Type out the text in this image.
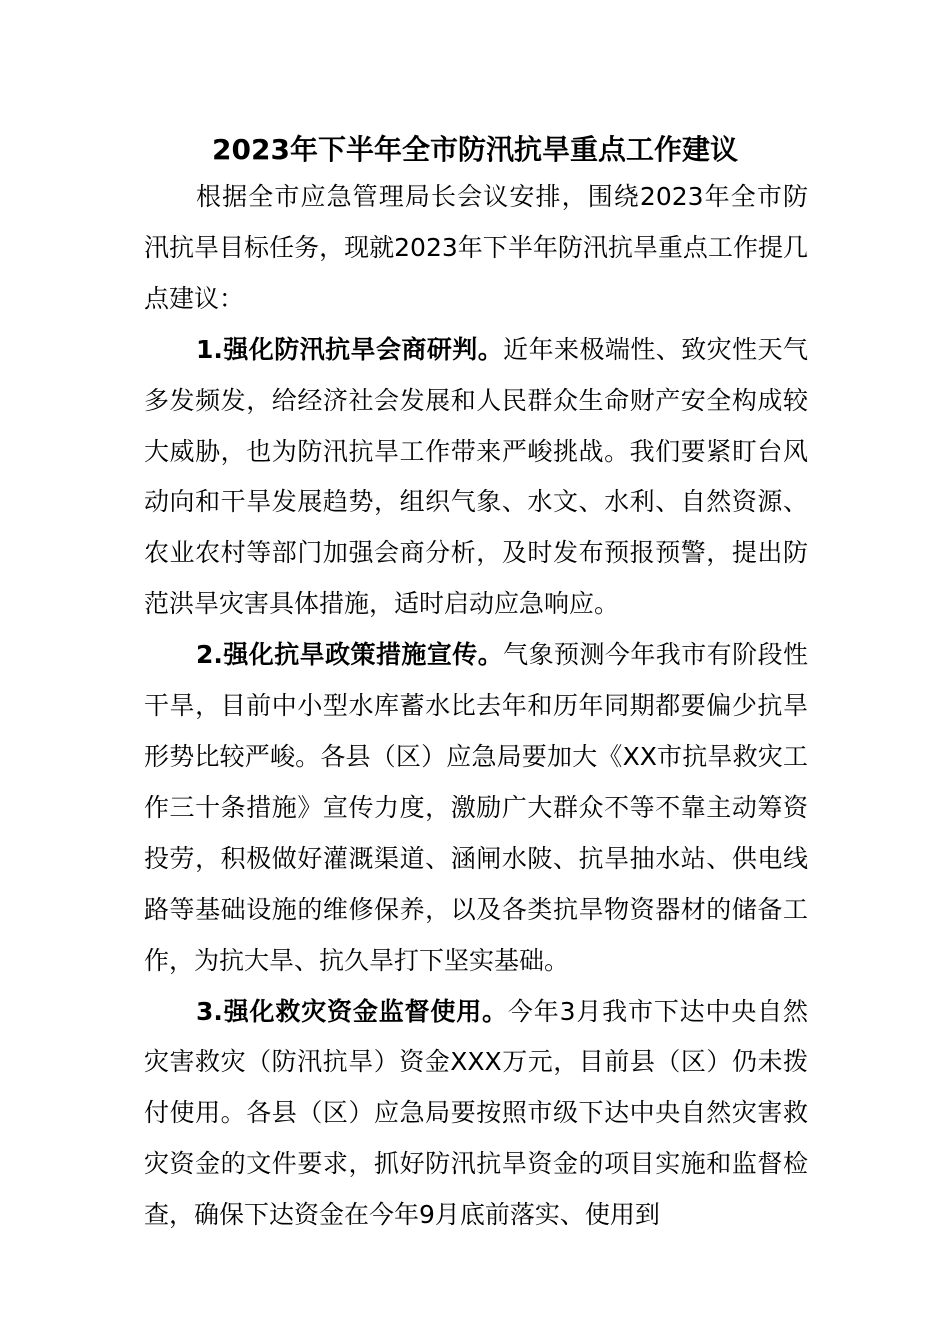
2023年下半年全市防汛抗旱重点工作建议

根据全市应急管理局长会议安排，围绕2023年全市防汛抗旱目标任务，现就2023年下半年防汛抗旱重点工作提几点建议：

1.强化防汛抗旱会商研判。近年来极端性、致灾性天气多发频发，给经济社会发展和人民群众生命财产安全构成较大威胁，也为防汛抗旱工作带来严峻挑战。我们要紧盯台风动向和干旱发展趋势，组织气象、水文、水利、自然资源、农业农村等部门加强会商分析，及时发布预报预警，提出防范洪旱灾害具体措施，适时启动应急响应。

2.强化抗旱政策措施宣传。气象预测今年我市有阶段性干旱，目前中小型水库蓄水比去年和历年同期都要偏少抗旱形势比较严峻。各县（区）应急局要加大《XX市抗旱救灾工作三十条措施》宣传力度，激励广大群众不等不靠主动筹资投劳，积极做好灌溉渠道、涵闸水陂、抗旱抽水站、供电线路等基础设施的维修保养，以及各类抗旱物资器材的储备工作，为抗大旱、抗久旱打下坚实基础。

3.强化救灾资金监督使用。今年3月我市下达中央自然灾害救灾（防汛抗旱）资金XXX万元，目前县（区）仍未拨付使用。各县（区）应急局要按照市级下达中央自然灾害救灾资金的文件要求，抓好防汛抗旱资金的项目实施和监督检查，确保下达资金在今年9月底前落实、使用到
